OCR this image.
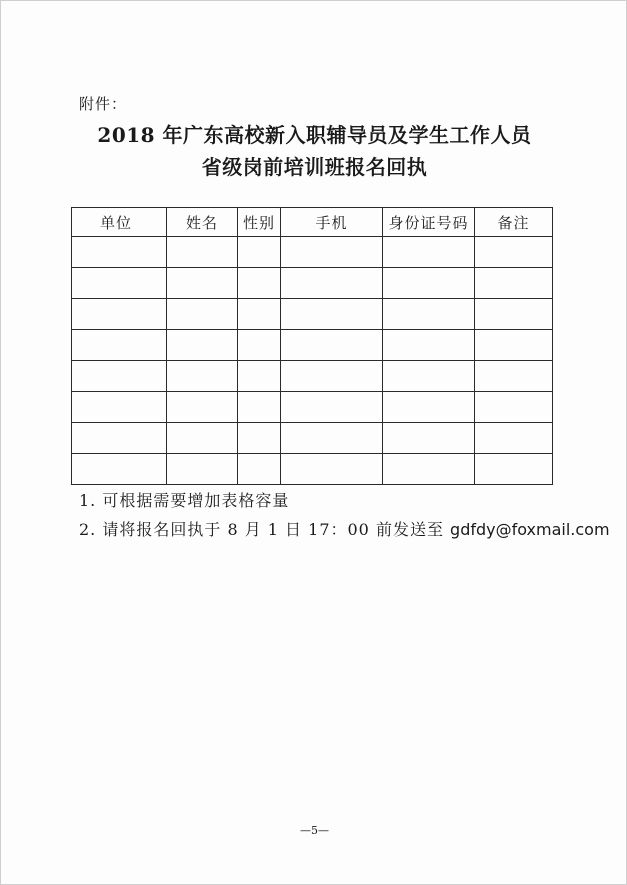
附件：
2018 年广东高校新入职辅导员及学生工作人员
省级岗前培训班报名回执
单位	姓名	性别	手机	身份证号码	备注

1. 可根据需要增加表格容量
2. 请将报名回执于 8 月 1 日 17：00 前发送至 gdfdy@foxmail.com
—5—
